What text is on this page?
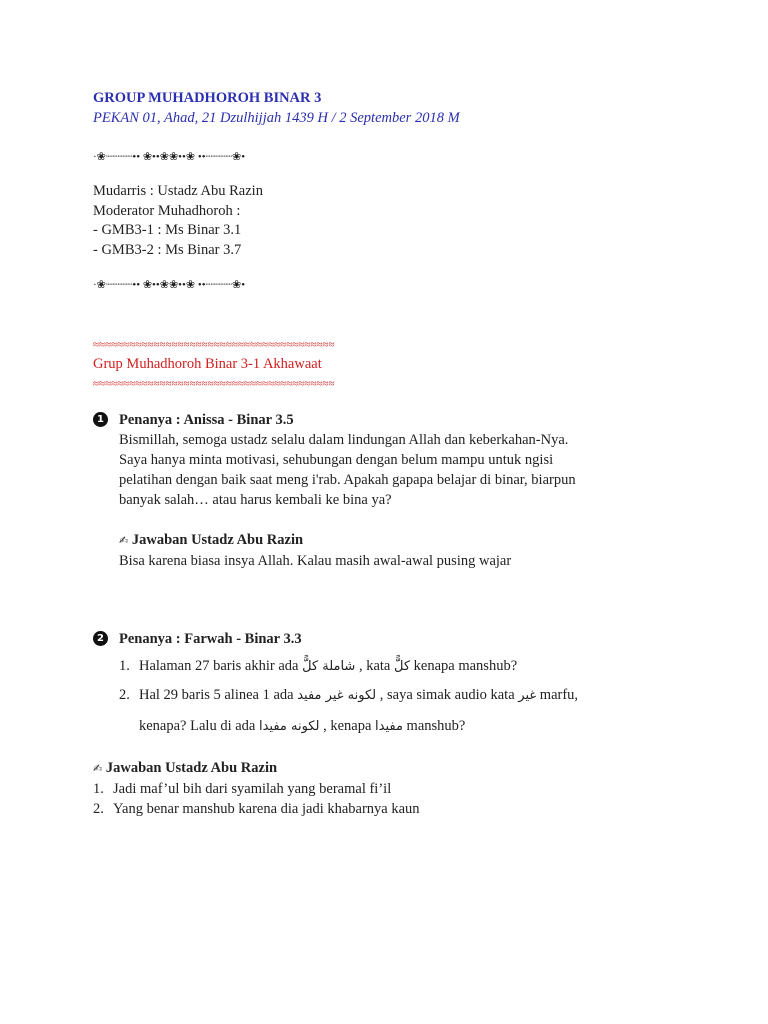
GROUP MUHADHOROH BINAR 3
PEKAN 01, Ahad, 21 Dzulhijjah 1439 H / 2 September 2018 M
·❀┈┈┈┈•• ❀••❀❀••❀ ••┈┈┈┈❀•
Mudarris : Ustadz Abu Razin
Moderator Muhadhoroh :
- GMB3-1 : Ms Binar 3.1
- GMB3-2 : Ms Binar 3.7
·❀┈┈┈┈•• ❀••❀❀••❀ ••┈┈┈┈❀•
≈≈≈≈≈≈≈≈≈≈≈≈≈≈≈≈≈≈≈≈≈≈≈≈≈≈≈≈≈≈≈≈≈≈≈≈≈≈≈≈
Grup Muhadhoroh Binar 3-1 Akhawaat
≈≈≈≈≈≈≈≈≈≈≈≈≈≈≈≈≈≈≈≈≈≈≈≈≈≈≈≈≈≈≈≈≈≈≈≈≈≈≈≈
1 Penanya : Anissa - Binar 3.5
Bismillah, semoga ustadz selalu dalam lindungan Allah dan keberkahan-Nya.
Saya hanya minta motivasi, sehubungan dengan belum mampu untuk ngisi
pelatihan dengan baik saat meng i'rab. Apakah gapapa belajar di binar, biarpun
banyak salah… atau harus kembali ke bina ya?
✍ Jawaban Ustadz Abu Razin
Bisa karena biasa insya Allah. Kalau masih awal-awal pusing wajar
2 Penanya : Farwah - Binar 3.3
1. Halaman 27 baris akhir ada شاملة كلًّ , kata كلًّ kenapa manshub?
2. Hal 29 baris 5 alinea 1 ada لكونه غير مفيد , saya simak audio kata غير marfu,
kenapa? Lalu di ada لكونه مفيدا , kenapa مفيدا manshub?
✍ Jawaban Ustadz Abu Razin
1. Jadi maf’ul bih dari syamilah yang beramal fi’il
2. Yang benar manshub karena dia jadi khabarnya kaun
